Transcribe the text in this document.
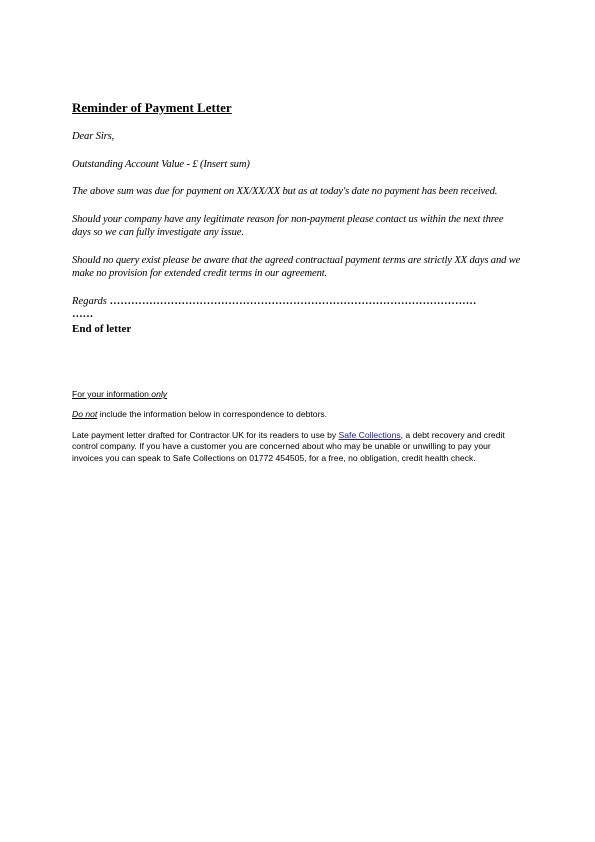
Reminder of Payment Letter

Dear Sirs,

Outstanding Account Value - £ (Insert sum)

The above sum was due for payment on XX/XX/XX but as at today's date no payment has been received.

Should your company have any legitimate reason for non-payment please contact us within the next three days so we can fully investigate any issue.

Should no query exist please be aware that the agreed contractual payment terms are strictly XX days and we make no provision for extended credit terms in our agreement.

Regards …………………………………………………………………………………………

……

End of letter

For your information only

Do not include the information below in correspondence to debtors.

Late payment letter drafted for Contractor UK for its readers to use by Safe Collections, a debt recovery and credit control company. If you have a customer you are concerned about who may be unable or unwilling to pay your invoices you can speak to Safe Collections on 01772 454505, for a free, no obligation, credit health check.
